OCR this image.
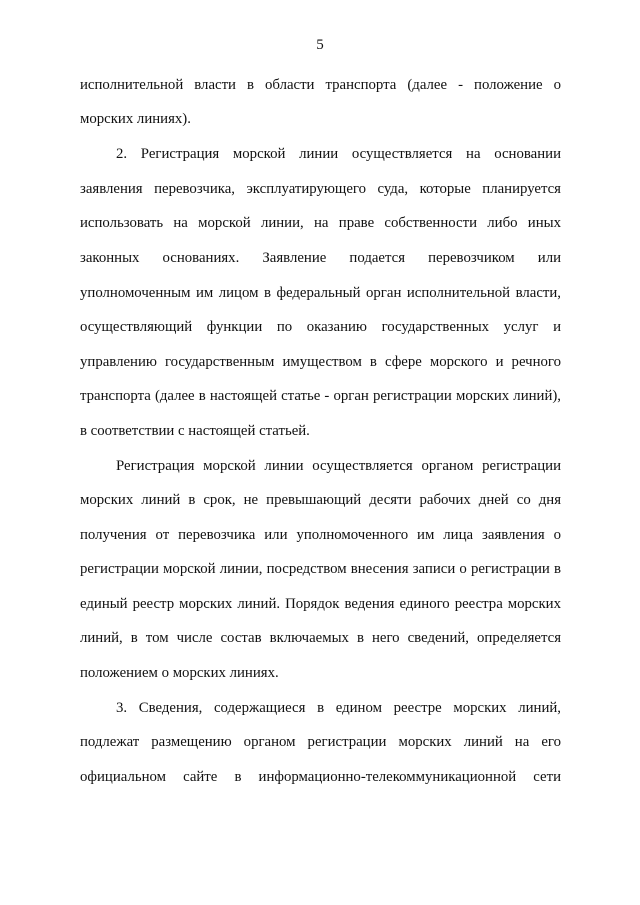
5
исполнительной власти в области транспорта (далее - положение о
морских линиях).
2. Регистрация морской линии осуществляется на основании
заявления перевозчика, эксплуатирующего суда, которые планируется
использовать на морской линии, на праве собственности либо иных
законных основаниях. Заявление подается перевозчиком или
уполномоченным им лицом в федеральный орган исполнительной власти,
осуществляющий функции по оказанию государственных услуг и
управлению государственным имуществом в сфере морского и речного
транспорта (далее в настоящей статье - орган регистрации морских линий),
в соответствии с настоящей статьей.
Регистрация морской линии осуществляется органом регистрации
морских линий в срок, не превышающий десяти рабочих дней со дня
получения от перевозчика или уполномоченного им лица заявления о
регистрации морской линии, посредством внесения записи о регистрации в
единый реестр морских линий. Порядок ведения единого реестра морских
линий, в том числе состав включаемых в него сведений, определяется
положением о морских линиях.
3. Сведения, содержащиеся в едином реестре морских линий,
подлежат размещению органом регистрации морских линий на его
официальном сайте в информационно-телекоммуникационной сети
